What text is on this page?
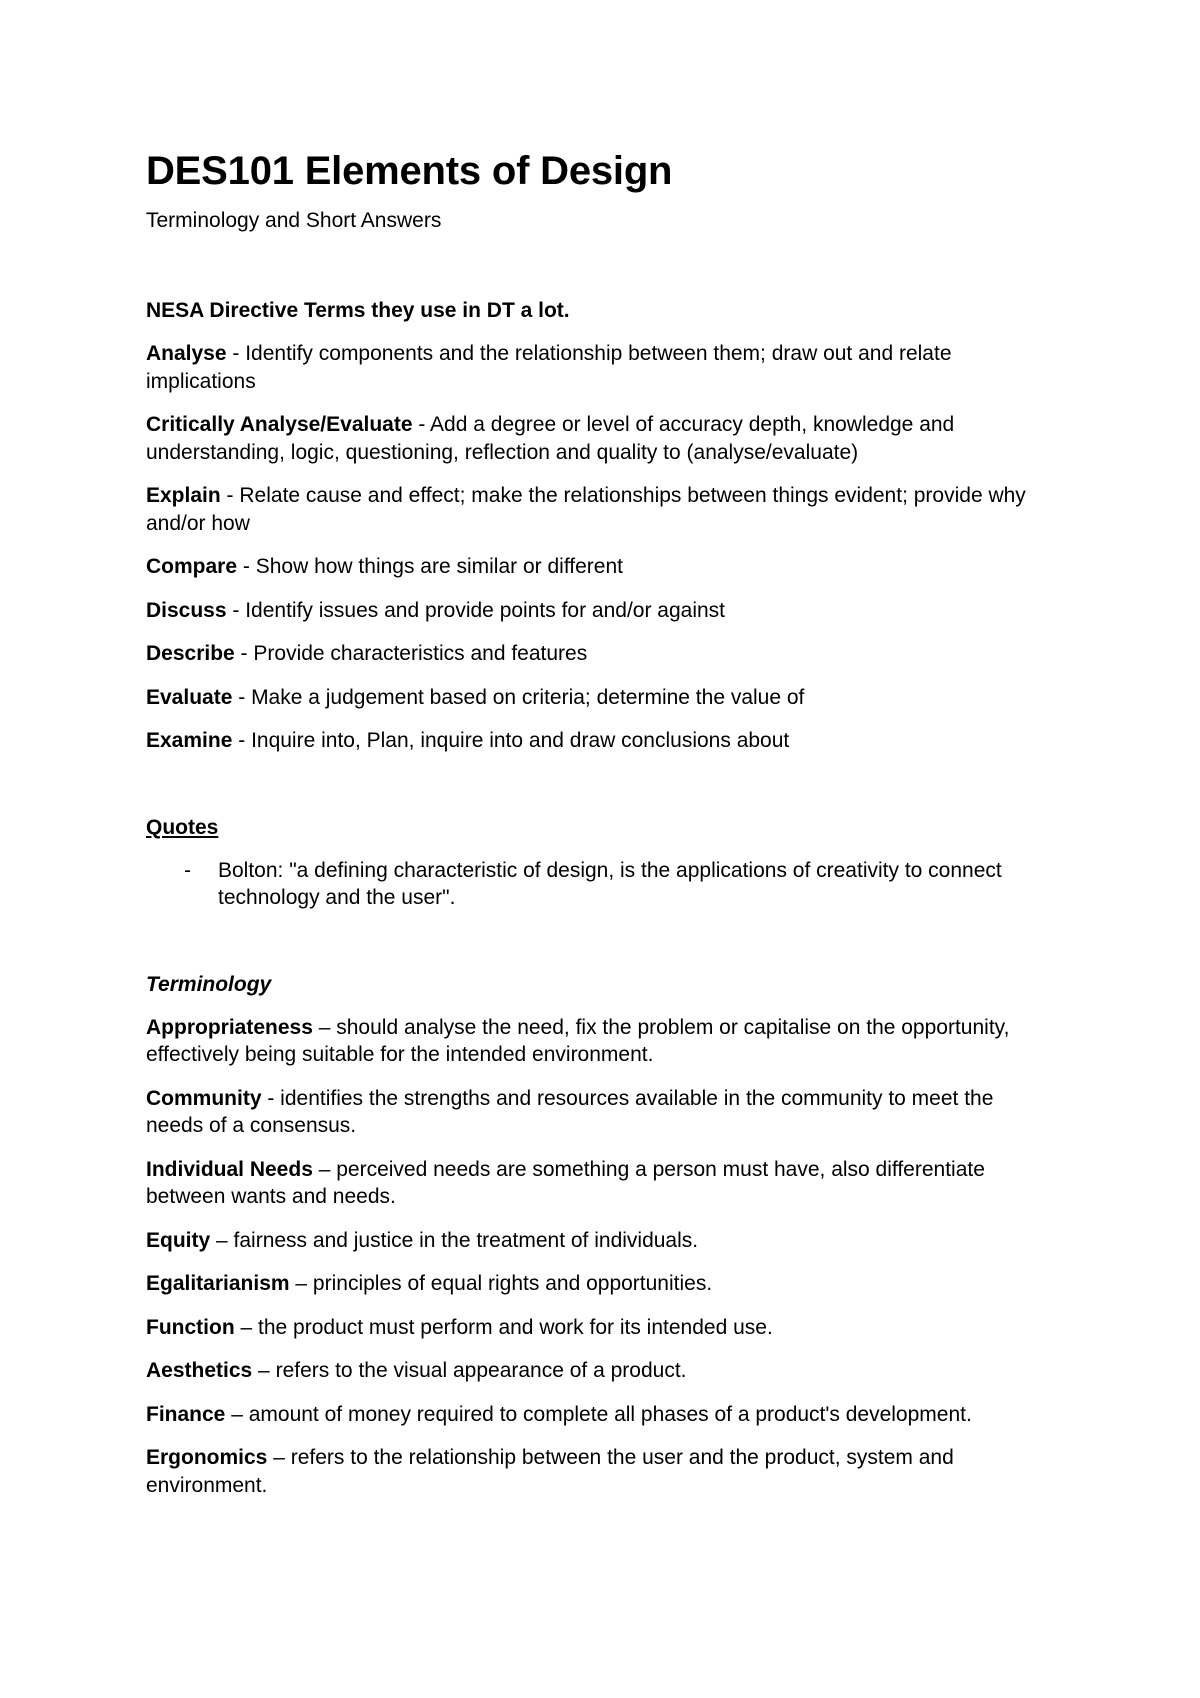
DES101 Elements of Design

Terminology and Short Answers

NESA Directive Terms they use in DT a lot.

Analyse - Identify components and the relationship between them; draw out and relate implications

Critically Analyse/Evaluate - Add a degree or level of accuracy depth, knowledge and understanding, logic, questioning, reflection and quality to (analyse/evaluate)

Explain - Relate cause and effect; make the relationships between things evident; provide why and/or how

Compare - Show how things are similar or different

Discuss - Identify issues and provide points for and/or against

Describe - Provide characteristics and features

Evaluate - Make a judgement based on criteria; determine the value of

Examine - Inquire into, Plan, inquire into and draw conclusions about

Quotes

- Bolton: "a defining characteristic of design, is the applications of creativity to connect technology and the user".

Terminology

Appropriateness – should analyse the need, fix the problem or capitalise on the opportunity, effectively being suitable for the intended environment.

Community - identifies the strengths and resources available in the community to meet the needs of a consensus.

Individual Needs – perceived needs are something a person must have, also differentiate between wants and needs.

Equity – fairness and justice in the treatment of individuals.

Egalitarianism – principles of equal rights and opportunities.

Function – the product must perform and work for its intended use.

Aesthetics – refers to the visual appearance of a product.

Finance – amount of money required to complete all phases of a product's development.

Ergonomics – refers to the relationship between the user and the product, system and environment.
